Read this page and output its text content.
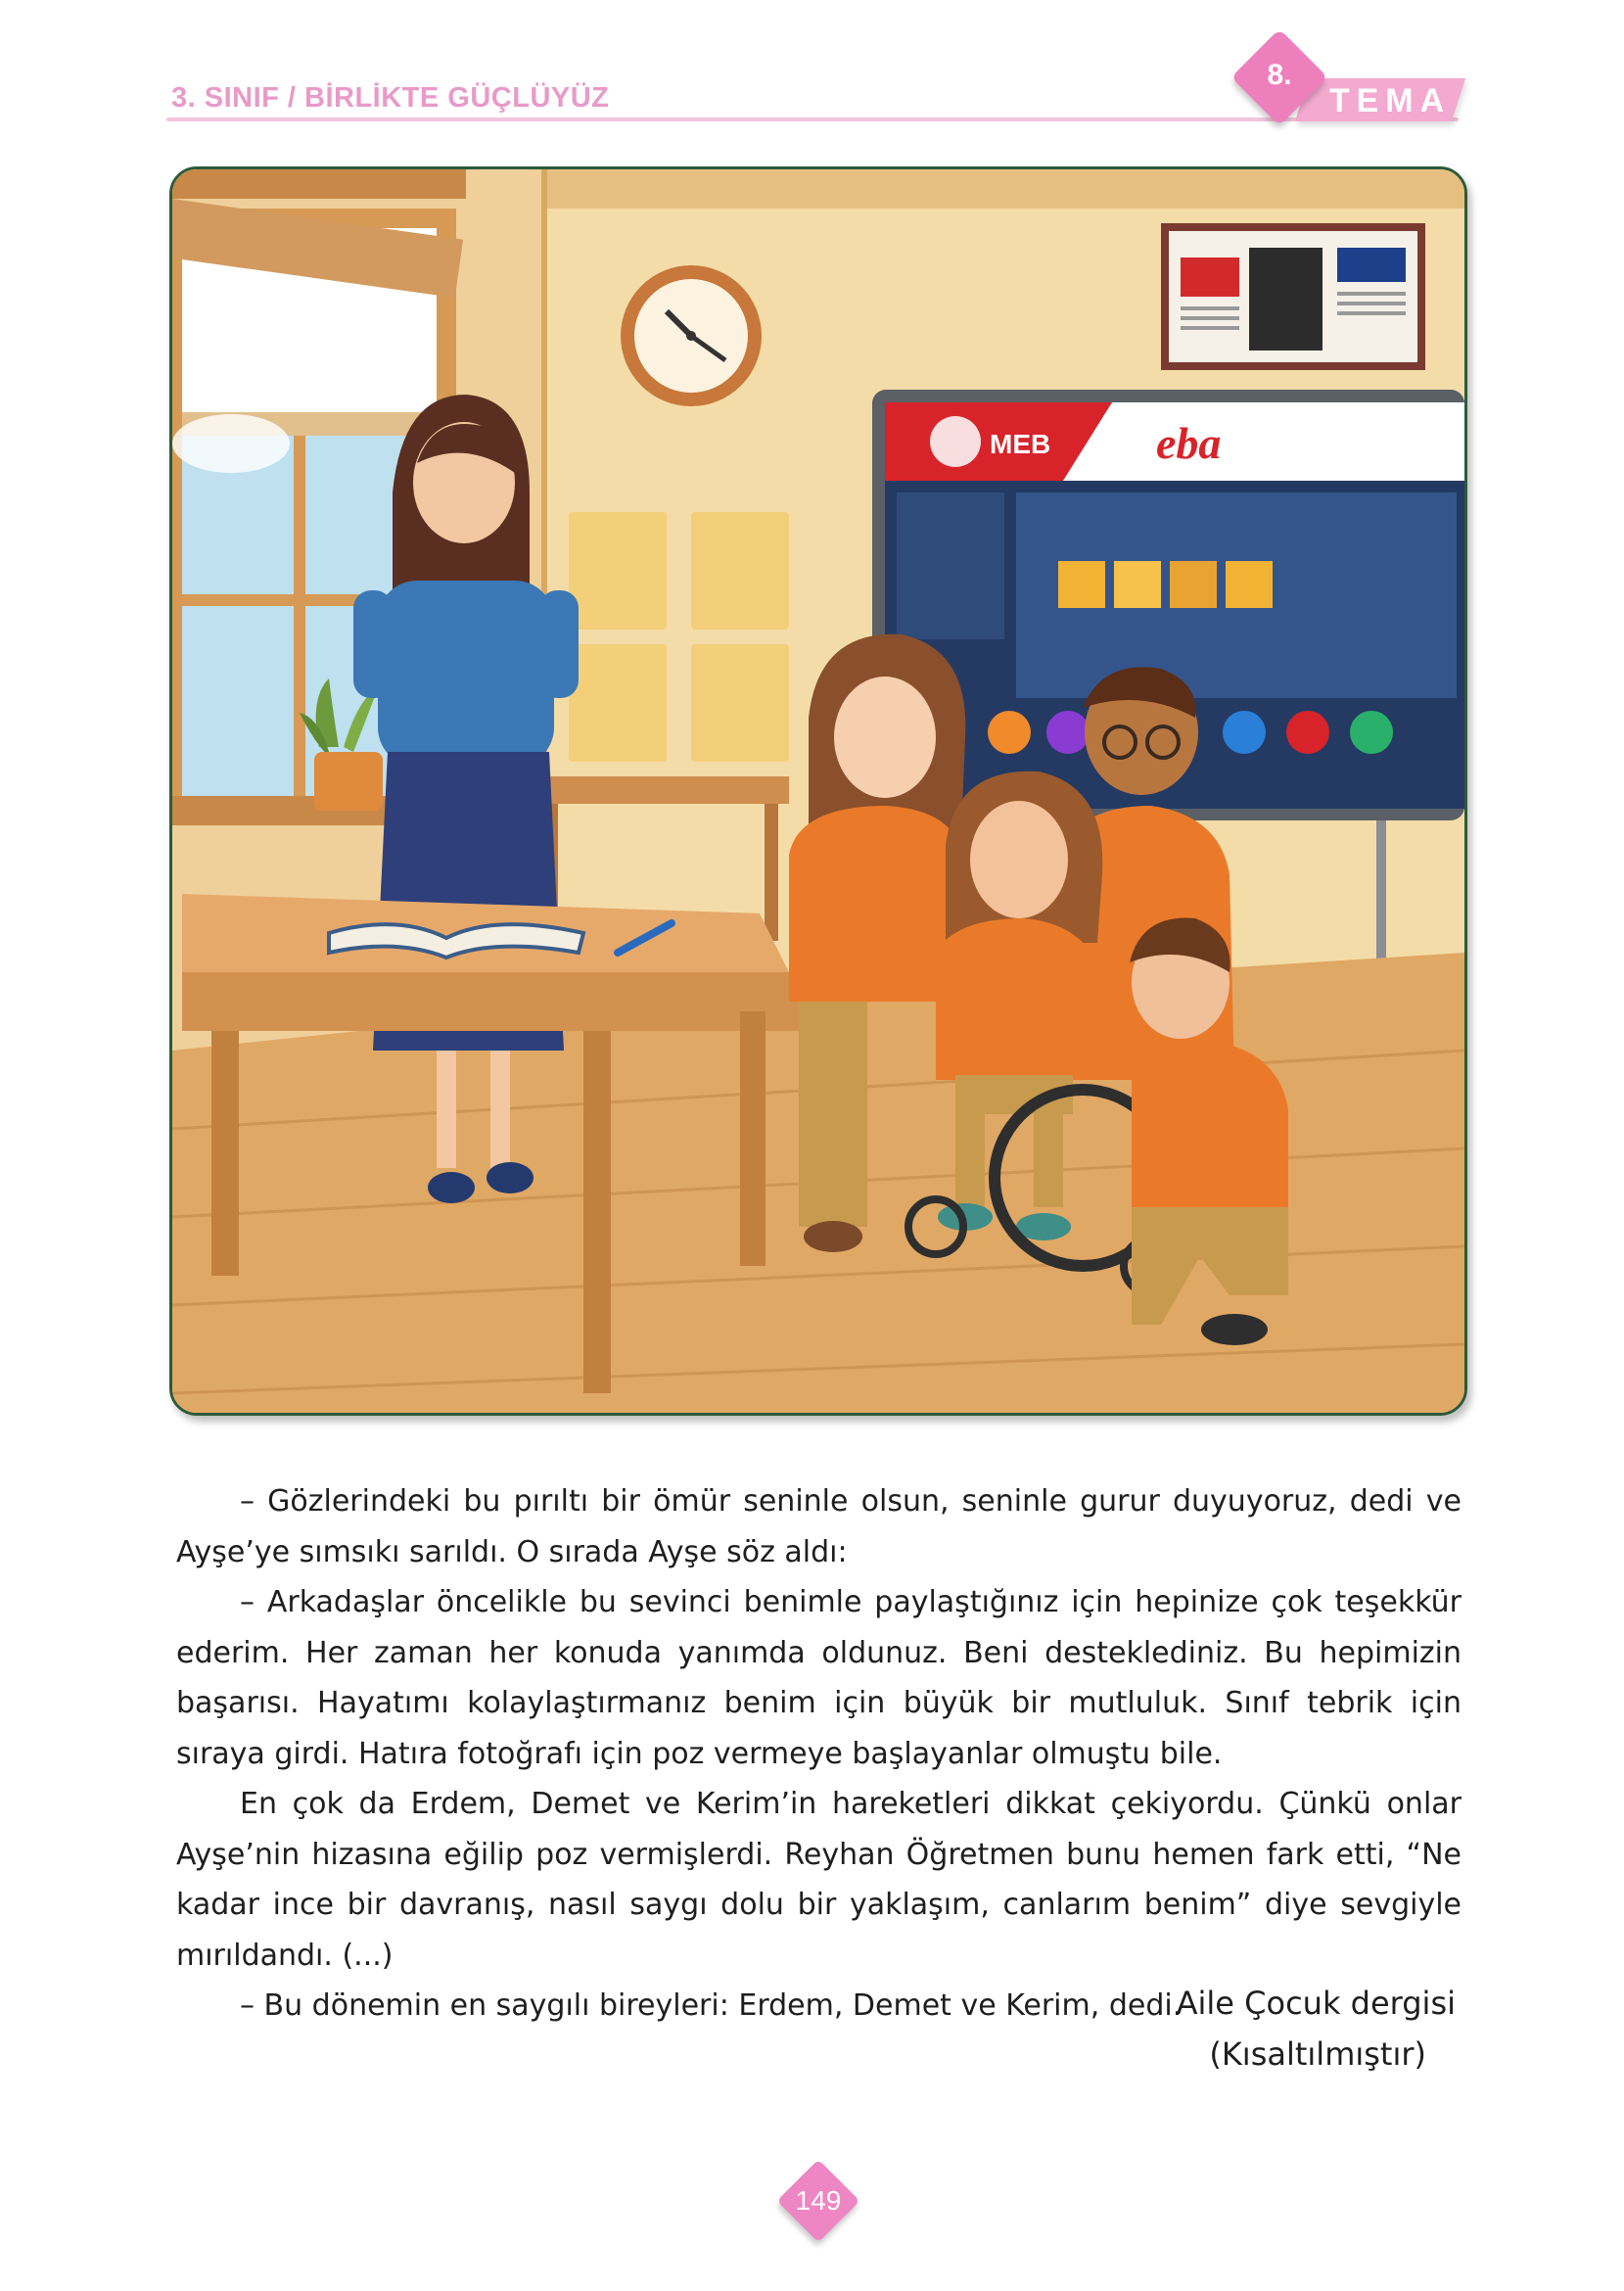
3. SINIF / BİRLİKTE GÜÇLÜYÜZ	TEMA
8.
MEB eba

– Gözlerindeki bu pırıltı bir ömür seninle olsun, seninle gurur duyuyoruz, dedi ve Ayşe’ye sımsıkı sarıldı. O sırada Ayşe söz aldı:

– Arkadaşlar öncelikle bu sevinci benimle paylaştığınız için hepinize çok teşekkür ederim. Her zaman her konuda yanımda oldunuz. Beni desteklediniz. Bu hepimizin başarısı. Hayatımı kolaylaştırmanız benim için büyük bir mutluluk. Sınıf tebrik için sıraya girdi. Hatıra fotoğrafı için poz vermeye başlayanlar olmuştu bile.

En çok da Erdem, Demet ve Kerim’in hareketleri dikkat çekiyordu. Çünkü onlar Ayşe’nin hizasına eğilip poz vermişlerdi. Reyhan Öğretmen bunu hemen fark etti, “Ne kadar ince bir davranış, nasıl saygı dolu bir yaklaşım, canlarım benim” diye sevgiyle mırıldandı. (...)

– Bu dönemin en saygılı bireyleri: Erdem, Demet ve Kerim, dedi.

Aile Çocuk dergisi
(Kısaltılmıştır)
149
